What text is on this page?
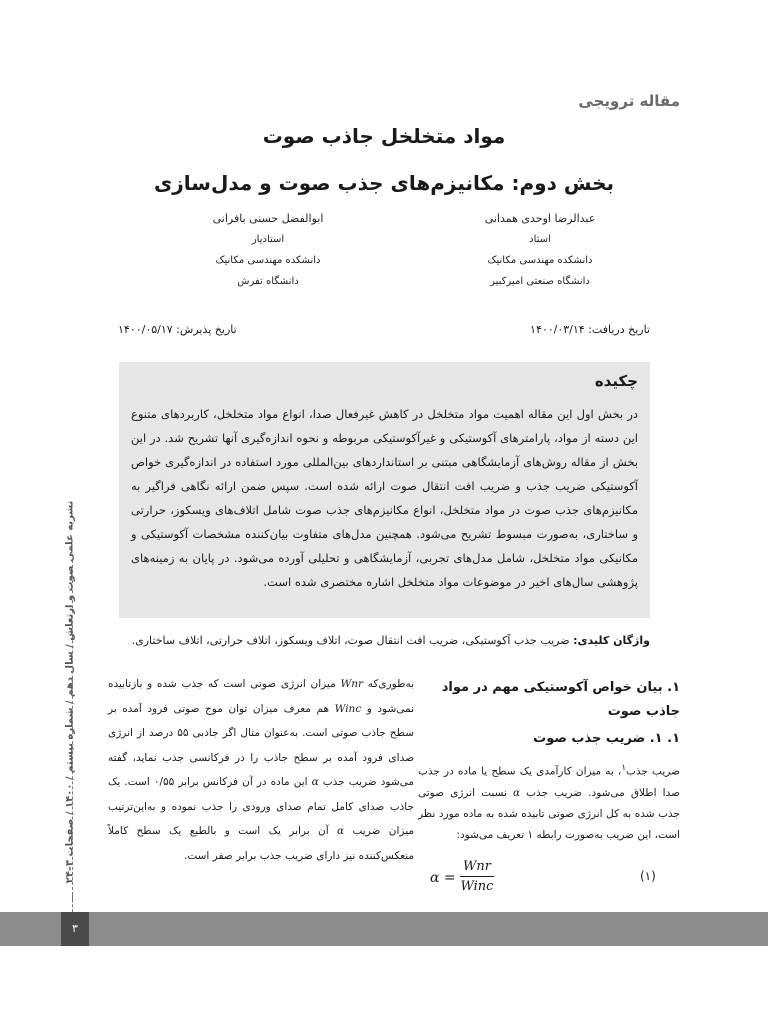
مقاله ترویجی
مواد متخلخل جاذب صوت
بخش دوم: مکانیزم‌های جذب صوت و مدل‌سازی
عبدالرضا اوحدی همدانی
استاد
دانشکده مهندسی مکانیک
دانشگاه صنعتی امیرکبیر
ابوالفضل حسنی بافرانی
استادیار
دانشکده مهندسی مکانیک
دانشگاه تفرش
تاریخ دریافت: ۱۴۰۰/۰۳/۱۴
تاریخ پذیرش: ۱۴۰۰/۰۵/۱۷
چکیده
در بخش اول این مقاله اهمیت مواد متخلخل در کاهش غیرفعال صدا، انواع مواد متخلخل، کاربردهای متنوع این دسته از مواد، پارامترهای آکوستیکی و غیرآکوستیکی مربوطه و نحوه اندازه‌گیری آنها تشریح شد. در این بخش از مقاله روش‌های آزمایشگاهی مبتنی بر استانداردهای بین‌المللی مورد استفاده در اندازه‌گیری خواص آکوستیکی ضریب جذب و ضریب افت انتقال صوت ارائه شده است. سپس ضمن ارائه نگاهی فراگیر به مکانیزم‌های جذب صوت در مواد متخلخل، انواع مکانیزم‌های جذب صوت شامل اتلاف‌های ویسکوز، حرارتی و ساختاری، به‌صورت مبسوط تشریح می‌شود. همچنین مدل‌های متفاوت بیان‌کننده مشخصات آکوستیکی و مکانیکی مواد متخلخل، شامل مدل‌های تجربی، آزمایشگاهی و تحلیلی آورده می‌شود. در پایان به زمینه‌های پژوهشی سال‌های اخیر در موضوعات مواد متخلخل اشاره مختصری شده است.
واژگان کلیدی: ضریب جذب آکوستیکی، ضریب افت انتقال صوت، اتلاف ویسکوز، اتلاف حرارتی، اتلاف ساختاری.
نشریه علمی صوت و ارتعاش / سال دهم / شماره بیستم / ۱۴۰۰ / صفحات ۳–۲۴	۱. بیان خواص آکوستیکی مهم در مواد جاذب صوت
۱. ۱. ضریب جذب صوت
ضریب جذب$^۱$، به میزان کارآمدی یک سطح یا ماده در جذب صدا اطلاق می‌شود. ضریب جذب α نسبت انرژی صوتی جذب شده به کل انرژی صوتی تابیده شده به ماده مورد نظر است، این ضریب به‌صورت رابطه ۱ تعریف می‌شود:
α =
Wnr
Winc
(۱)
به‌طوری‌که Wnr میزان انرژی صوتی است که جذب شده و بازتابیده نمی‌شود و Winc هم معرف میزان توان موج صوتی فرود آمده بر سطح جاذب صوتی است. به‌عنوان مثال اگر جاذبی ۵۵ درصد از انرژی صدای فرود آمده بر سطح جاذب را در فرکانسی جذب نماید، گفته می‌شود ضریب جذب α این ماده در آن فرکانس برابر ۰/۵۵ است. یک جاذب صدای کامل تمام صدای ورودی را جذب نموده و به‌این‌ترتیب میزان ضریب α آن برابر یک است و بالطبع یک سطح کاملاً منعکس‌کننده نیز دارای ضریب جذب برابر صفر است.
۳
